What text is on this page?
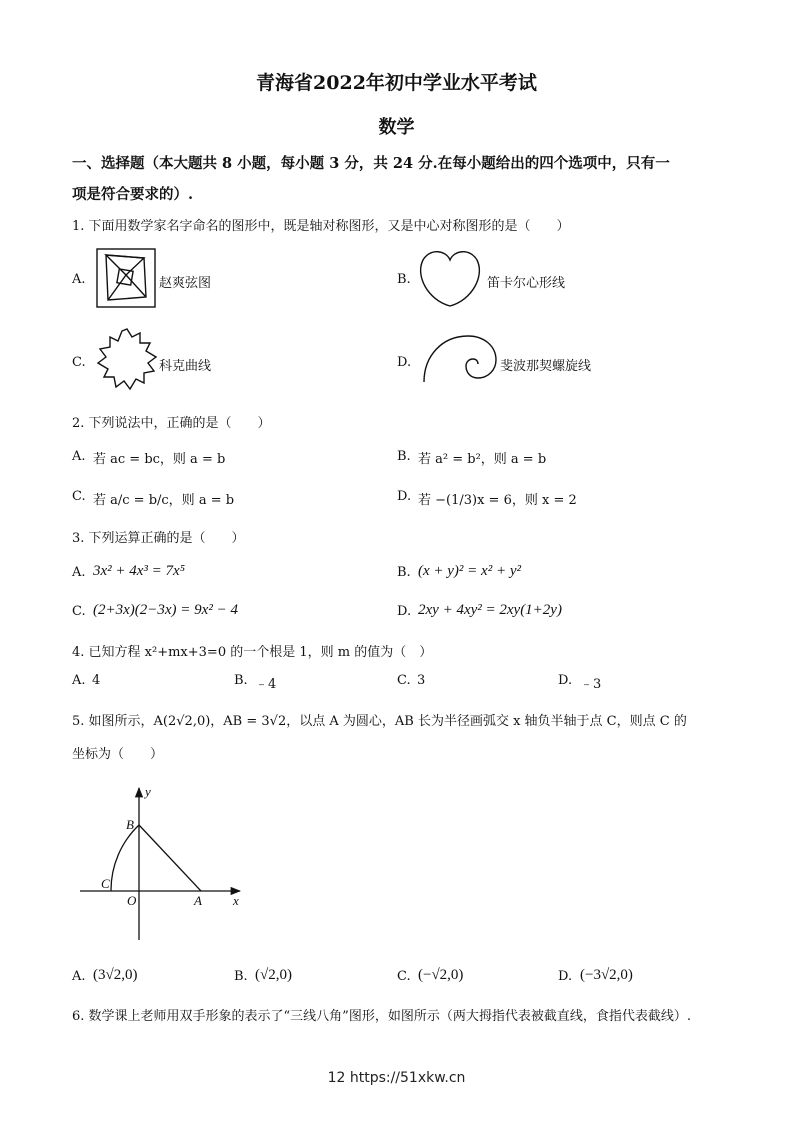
青海省2022年初中学业水平考试
数学
一、选择题（本大题共 8 小题，每小题 3 分，共 24 分.在每小题给出的四个选项中，只有一
项是符合要求的）.
1. 下面用数学家名字命名的图形中，既是轴对称图形，又是中心对称图形的是（　　）
A.	赵爽弦图	B.	笛卡尔心形线
C.	科克曲线	D.	斐波那契螺旋线
2. 下列说法中，正确的是（　　）
A. 若 ac = bc，则 a = b	B. 若 a² = b²，则 a = b
C. 若 a/c = b/c，则 a = b	D. 若 −(1/3)x = 6，则 x = 2
3. 下列运算正确的是（　　）
A. 3x² + 4x³ = 7x⁵	B. (x + y)² = x² + y²
C. (2+3x)(2−3x) = 9x² − 4	D. 2xy + 4xy² = 2xy(1+2y)
4. 已知方程 x²+mx+3=0 的一个根是 1，则 m 的值为（　）
A. 4	B. ﹣4	C. 3	D. ﹣3
5. 如图所示，A(2√2,0)，AB = 3√2，以点 A 为圆心，AB 长为半径画弧交 x 轴负半轴于点 C，则点 C 的
坐标为（　　）
y
B
C
O	A x
A. (3√2,0)	B. (√2,0)	C. (−√2,0)	D. (−3√2,0)
6. 数学课上老师用双手形象的表示了“三线八角”图形，如图所示（两大拇指代表被截直线，食指代表截线）.
12 https://51xkw.cn
